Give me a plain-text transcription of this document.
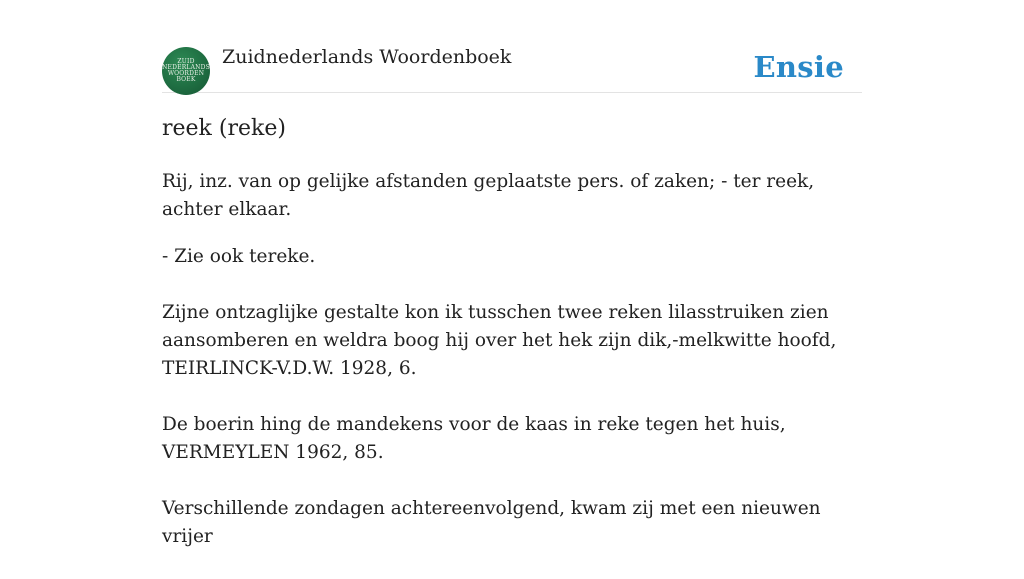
ZUID
NEDERLANDS
WOORDEN
BOEK
Zuidnederlands Woordenboek	Ensie
reek (reke)

Rij, inz. van op gelijke afstanden geplaatste pers. of zaken; - ter reek, achter elkaar.

- Zie ook tereke.

Zijne ontzaglijke gestalte kon ik tusschen twee reken lilasstruiken zien aansomberen en weldra boog hij over het hek zijn dik,-melkwitte hoofd, TEIRLINCK-V.D.W. 1928, 6.

De boerin hing de mandekens voor de kaas in reke tegen het huis, VERMEYLEN 1962, 85.

Verschillende zondagen achtereenvolgend, kwam zij met een nieuwen vrijer
